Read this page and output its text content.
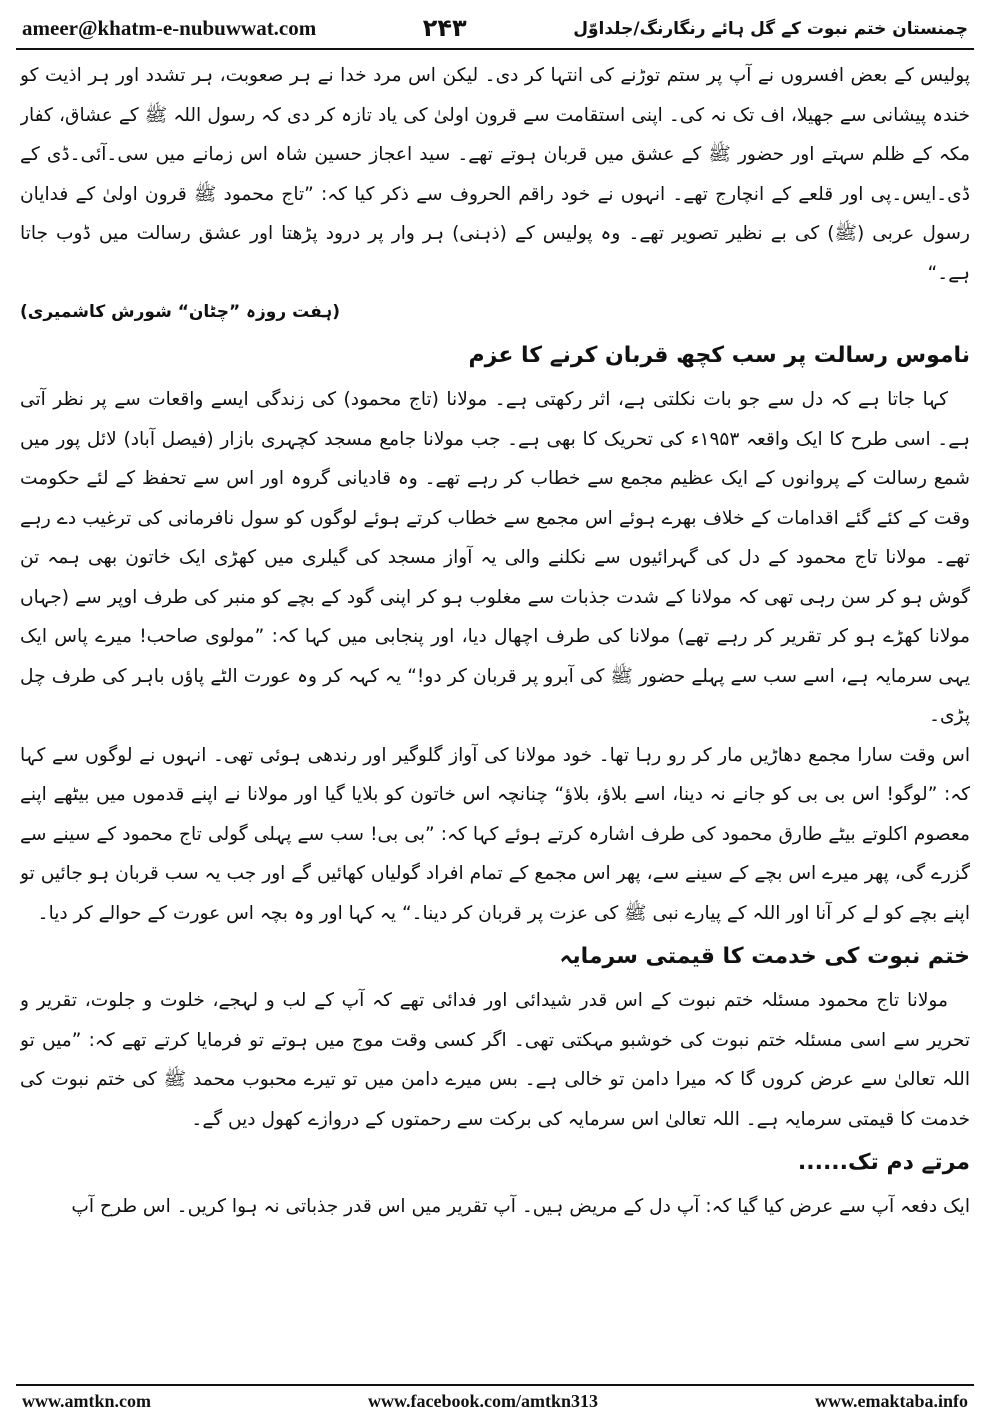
ameer@khatm-e-nubuwwat.com	۲۴۳	چمنستان ختم نبوت کے گل ہائے رنگارنگ/جلداوّل

پولیس کے بعض افسروں نے آپ پر ستم توڑنے کی انتہا کر دی۔ لیکن اس مرد خدا نے ہر صعوبت، ہر تشدد اور ہر اذیت کو خندہ پیشانی سے جھیلا، اف تک نہ کی۔ اپنی استقامت سے قرون اولیٰ کی یاد تازہ کر دی کہ رسول اللہ ﷺ کے عشاق، کفار مکہ کے ظلم سہتے اور حضور ﷺ کے عشق میں قربان ہوتے تھے۔ سید اعجاز حسین شاہ اس زمانے میں سی۔آئی۔ڈی کے ڈی۔ایس۔پی اور قلعے کے انچارج تھے۔ انہوں نے خود راقم الحروف سے ذکر کیا کہ: ”تاج محمود ﷺ قرون اولیٰ کے فدایان رسول عربی (ﷺ) کی بے نظیر تصویر تھے۔ وہ پولیس کے (ذہنی) ہر وار پر درود پڑھتا اور عشق رسالت میں ڈوب جاتا ہے۔“
(ہفت روزہ ”چٹان“ شورش کاشمیری)

ناموس رسالت پر سب کچھ قربان کرنے کا عزم

کہا جاتا ہے کہ دل سے جو بات نکلتی ہے، اثر رکھتی ہے۔ مولانا (تاج محمود) کی زندگی ایسے واقعات سے پر نظر آتی ہے۔ اسی طرح کا ایک واقعہ ۱۹۵۳ء کی تحریک کا بھی ہے۔ جب مولانا جامع مسجد کچہری بازار (فیصل آباد) لائل پور میں شمع رسالت کے پروانوں کے ایک عظیم مجمع سے خطاب کر رہے تھے۔ وہ قادیانی گروہ اور اس سے تحفظ کے لئے حکومت وقت کے کئے گئے اقدامات کے خلاف بھرے ہوئے اس مجمع سے خطاب کرتے ہوئے لوگوں کو سول نافرمانی کی ترغیب دے رہے تھے۔ مولانا تاج محمود کے دل کی گہرائیوں سے نکلنے والی یہ آواز مسجد کی گیلری میں کھڑی ایک خاتون بھی ہمہ تن گوش ہو کر سن رہی تھی کہ مولانا کے شدت جذبات سے مغلوب ہو کر اپنی گود کے بچے کو منبر کی طرف اوپر سے (جہاں مولانا کھڑے ہو کر تقریر کر رہے تھے) مولانا کی طرف اچھال دیا، اور پنجابی میں کہا کہ: ”مولوی صاحب! میرے پاس ایک یہی سرمایہ ہے، اسے سب سے پہلے حضور ﷺ کی آبرو پر قربان کر دو!“ یہ کہہ کر وہ عورت الٹے پاؤں باہر کی طرف چل پڑی۔

اس وقت سارا مجمع دھاڑیں مار کر رو رہا تھا۔ خود مولانا کی آواز گلوگیر اور رندھی ہوئی تھی۔ انہوں نے لوگوں سے کہا کہ: ”لوگو! اس بی بی کو جانے نہ دینا، اسے بلاؤ، بلاؤ“ چنانچہ اس خاتون کو بلایا گیا اور مولانا نے اپنے قدموں میں بیٹھے اپنے معصوم اکلوتے بیٹے طارق محمود کی طرف اشارہ کرتے ہوئے کہا کہ: ”بی بی! سب سے پہلی گولی تاج محمود کے سینے سے گزرے گی، پھر میرے اس بچے کے سینے سے، پھر اس مجمع کے تمام افراد گولیاں کھائیں گے اور جب یہ سب قربان ہو جائیں تو اپنے بچے کو لے کر آنا اور اللہ کے پیارے نبی ﷺ کی عزت پر قربان کر دینا۔“ یہ کہا اور وہ بچہ اس عورت کے حوالے کر دیا۔

ختم نبوت کی خدمت کا قیمتی سرمایہ

مولانا تاج محمود مسئلہ ختم نبوت کے اس قدر شیدائی اور فدائی تھے کہ آپ کے لب و لہجے، خلوت و جلوت، تقریر و تحریر سے اسی مسئلہ ختم نبوت کی خوشبو مہکتی تھی۔ اگر کسی وقت موج میں ہوتے تو فرمایا کرتے تھے کہ: ”میں تو اللہ تعالیٰ سے عرض کروں گا کہ میرا دامن تو خالی ہے۔ بس میرے دامن میں تو تیرے محبوب محمد ﷺ کی ختم نبوت کی خدمت کا قیمتی سرمایہ ہے۔ اللہ تعالیٰ اس سرمایہ کی برکت سے رحمتوں کے دروازے کھول دیں گے۔

مرتے دم تک......

ایک دفعہ آپ سے عرض کیا گیا کہ: آپ دل کے مریض ہیں۔ آپ تقریر میں اس قدر جذباتی نہ ہوا کریں۔ اس طرح آپ

www.amtkn.com	www.facebook.com/amtkn313	www.emaktaba.info
